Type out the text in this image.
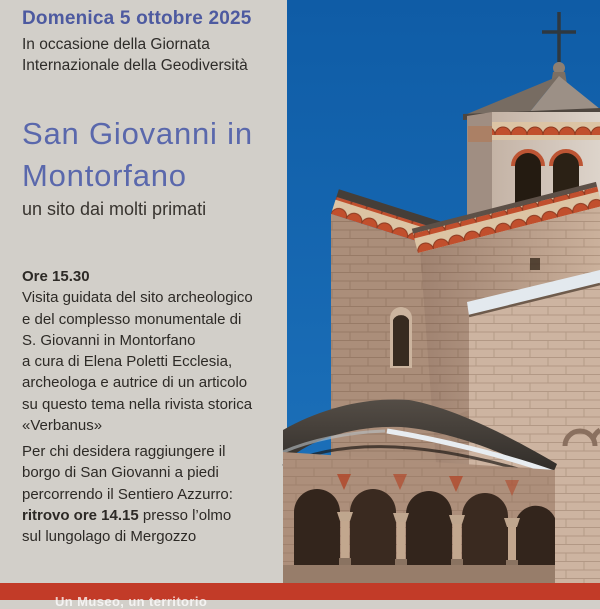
Domenica 5 ottobre 2025
In occasione della Giornata
Internazionale della Geodiversità
San Giovanni in
Montorfano
un sito dai molti primati
Ore 15.30
Visita guidata del sito archeologico
e del complesso monumentale di
S. Giovanni in Montorfano
a cura di Elena Poletti Ecclesia,
archeologa e autrice di un articolo
su questo tema nella rivista storica
«Verbanus»
Per chi desidera raggiungere il
borgo di San Giovanni a piedi
percorrendo il Sentiero Azzurro:
ritrovo ore 14.15 presso l’olmo
sul lungolago di Mergozzo
Un Museo, un territorio
